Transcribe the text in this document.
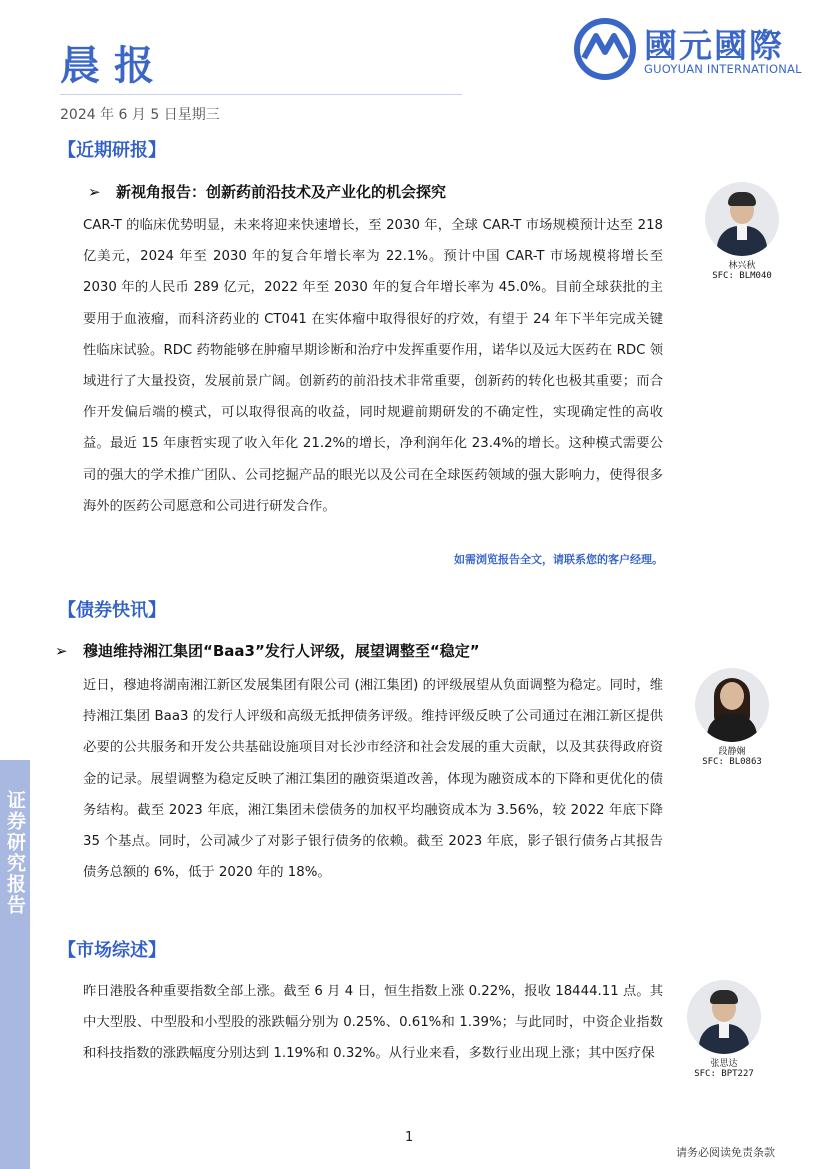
证券研究报告
晨报
2024 年 6 月 5 日星期三
國元國際
GUOYUAN INTERNATIONAL
【近期研报】
➢ 新视角报告：创新药前沿技术及产业化的机会探究
CAR-T 的临床优势明显，未来将迎来快速增长，至 2030 年，全球 CAR-T 市场规模预计达至 218 亿美元，2024 年至 2030 年的复合年增长率为 22.1%。预计中国 CAR-T 市场规模将增长至 2030 年的人民币 289 亿元，2022 年至 2030 年的复合年增长率为 45.0%。目前全球获批的主要用于血液瘤，而科济药业的 CT041 在实体瘤中取得很好的疗效，有望于 24 年下半年完成关键性临床试验。RDC 药物能够在肿瘤早期诊断和治疗中发挥重要作用，诺华以及远大医药在 RDC 领域进行了大量投资，发展前景广阔。创新药的前沿技术非常重要，创新药的转化也极其重要；而合作开发偏后端的模式，可以取得很高的收益，同时规避前期研发的不确定性，实现确定性的高收益。最近 15 年康哲实现了收入年化 21.2%的增长，净利润年化 23.4%的增长。这种模式需要公司的强大的学术推广团队、公司挖掘产品的眼光以及公司在全球医药领域的强大影响力，使得很多海外的医药公司愿意和公司进行研发合作。
如需浏览报告全文，请联系您的客户经理。
林兴秋
SFC: BLM040
【债券快讯】
➢ 穆迪维持湘江集团“Baa3”发行人评级，展望调整至“稳定”
近日，穆迪将湖南湘江新区发展集团有限公司 (湘江集团) 的评级展望从负面调整为稳定。同时，维持湘江集团 Baa3 的发行人评级和高级无抵押债务评级。维持评级反映了公司通过在湘江新区提供必要的公共服务和开发公共基础设施项目对长沙市经济和社会发展的重大贡献，以及其获得政府资金的记录。展望调整为稳定反映了湘江集团的融资渠道改善，体现为融资成本的下降和更优化的债务结构。截至 2023 年底，湘江集团未偿债务的加权平均融资成本为 3.56%，较 2022 年底下降 35 个基点。同时，公司减少了对影子银行债务的依赖。截至 2023 年底，影子银行债务占其报告债务总额的 6%，低于 2020 年的 18%。
段静娴
SFC: BL0863
【市场综述】
昨日港股各种重要指数全部上涨。截至 6 月 4 日，恒生指数上涨 0.22%，报收 18444.11 点。其中大型股、中型股和小型股的涨跌幅分别为 0.25%、0.61%和 1.39%；与此同时，中资企业指数和科技指数的涨跌幅度分别达到 1.19%和 0.32%。从行业来看，多数行业出现上涨；其中医疗保
张思达
SFC: BPT227
1
请务必阅读免责条款
